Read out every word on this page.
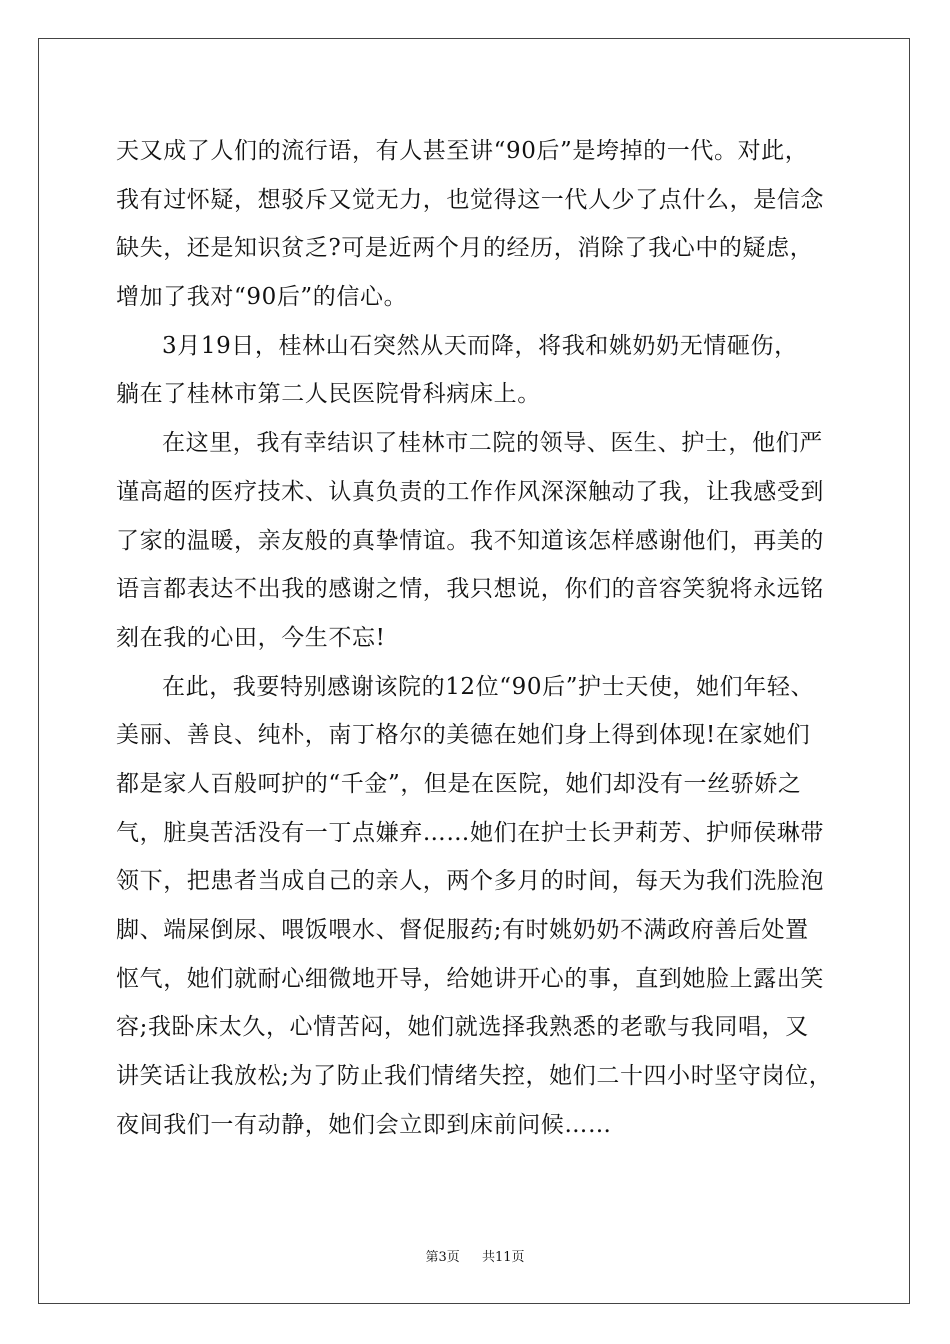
天又成了人们的流行语，有人甚至讲“90后”是垮掉的一代。对此，
我有过怀疑，想驳斥又觉无力，也觉得这一代人少了点什么，是信念
缺失，还是知识贫乏?可是近两个月的经历，消除了我心中的疑虑，
增加了我对“90后”的信心。
3月19日，桂林山石突然从天而降，将我和姚奶奶无情砸伤，
躺在了桂林市第二人民医院骨科病床上。
在这里，我有幸结识了桂林市二院的领导、医生、护士，他们严
谨高超的医疗技术、认真负责的工作作风深深触动了我，让我感受到
了家的温暖，亲友般的真挚情谊。我不知道该怎样感谢他们，再美的
语言都表达不出我的感谢之情，我只想说，你们的音容笑貌将永远铭
刻在我的心田，今生不忘!
在此，我要特别感谢该院的12位“90后”护士天使，她们年轻、
美丽、善良、纯朴，南丁格尔的美德在她们身上得到体现!在家她们
都是家人百般呵护的“千金”，但是在医院，她们却没有一丝骄娇之
气，脏臭苦活没有一丁点嫌弃……她们在护士长尹莉芳、护师侯琳带
领下，把患者当成自己的亲人，两个多月的时间，每天为我们洗脸泡
脚、端屎倒尿、喂饭喂水、督促服药;有时姚奶奶不满政府善后处置
怄气，她们就耐心细微地开导，给她讲开心的事，直到她脸上露出笑
容;我卧床太久，心情苦闷，她们就选择我熟悉的老歌与我同唱，又
讲笑话让我放松;为了防止我们情绪失控，她们二十四小时坚守岗位，
夜间我们一有动静，她们会立即到床前问候……
第3页 共11页
